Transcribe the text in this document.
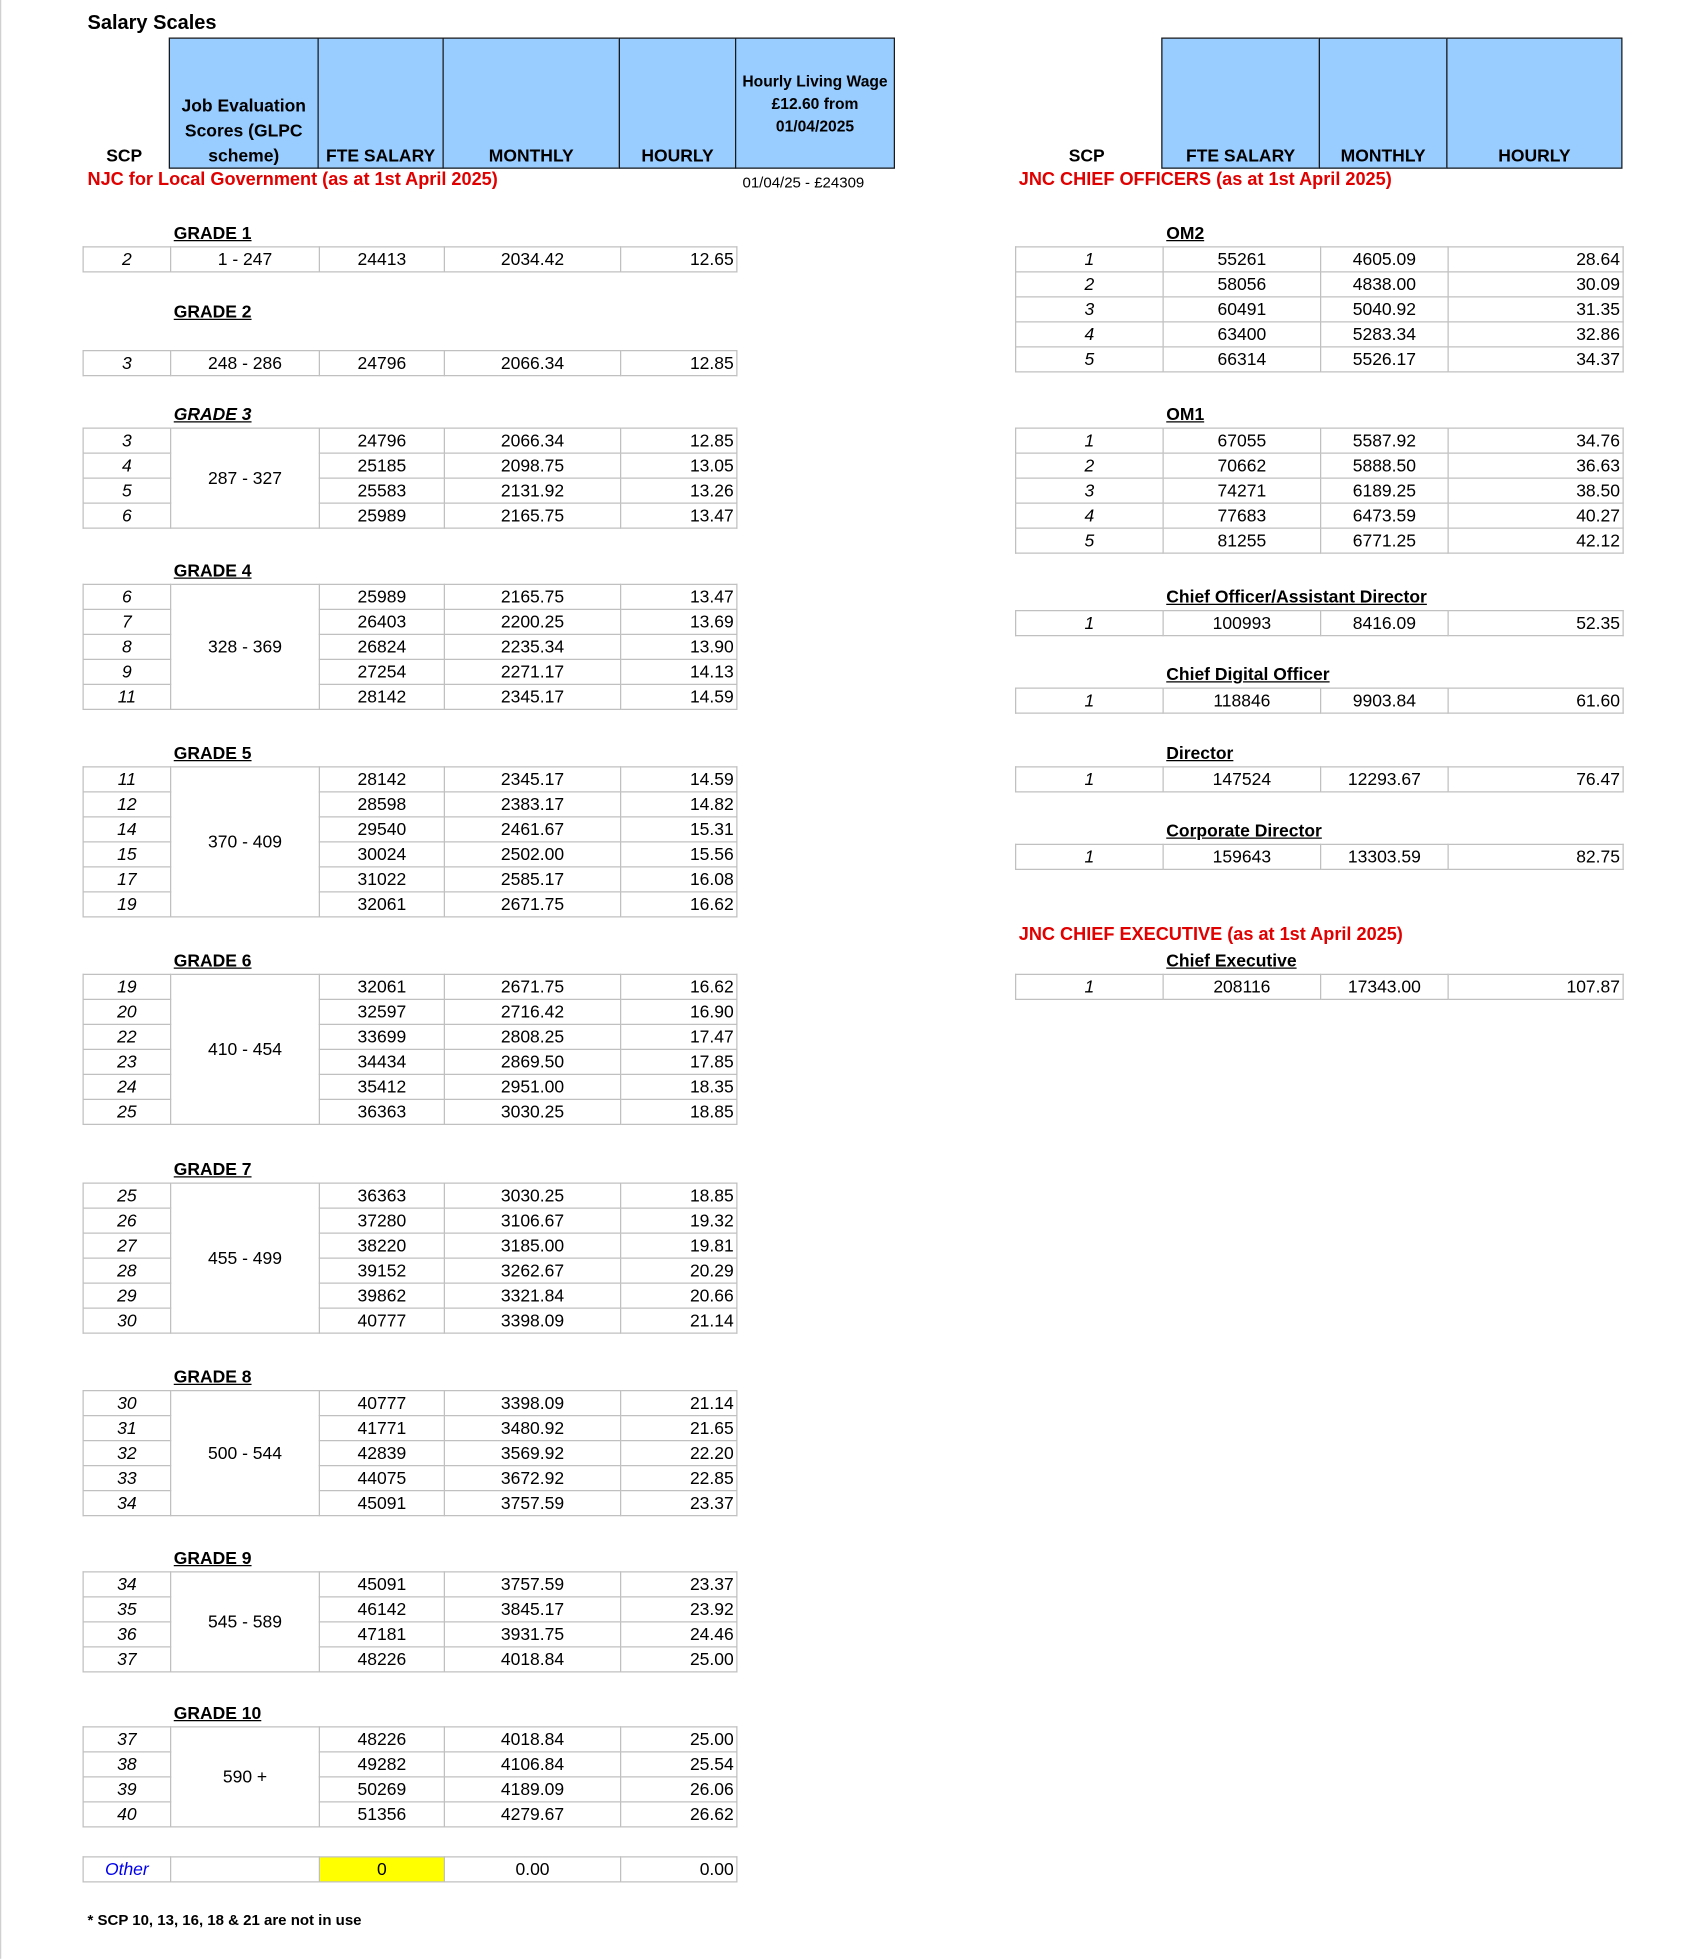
Salary Scales
SCP
Job Evaluation Scores (GLPC scheme)	FTE SALARY	MONTHLY	HOURLY
Hourly Living Wage £12.60 from 01/04/2025
NJC for Local Government (as at 1st April 2025)	01/04/25 - £24309
GRADE 1
2	1 - 247	24413	2034.42	12.65
GRADE 2
3	248 - 286	24796	2066.34	12.85
GRADE 3
3	287 - 327	24796	2066.34	12.85
4		25185	2098.75	13.05
5		25583	2131.92	13.26
6		25989	2165.75	13.47
GRADE 4
6	328 - 369	25989	2165.75	13.47
7		26403	2200.25	13.69
8		26824	2235.34	13.90
9		27254	2271.17	14.13
11		28142	2345.17	14.59
GRADE 5
11	370 - 409	28142	2345.17	14.59
12		28598	2383.17	14.82
14		29540	2461.67	15.31
15		30024	2502.00	15.56
17		31022	2585.17	16.08
19		32061	2671.75	16.62
GRADE 6
19	410 - 454	32061	2671.75	16.62
20		32597	2716.42	16.90
22		33699	2808.25	17.47
23		34434	2869.50	17.85
24		35412	2951.00	18.35
25		36363	3030.25	18.85
GRADE 7
25	455 - 499	36363	3030.25	18.85
26		37280	3106.67	19.32
27		38220	3185.00	19.81
28		39152	3262.67	20.29
29		39862	3321.84	20.66
30		40777	3398.09	21.14
GRADE 8
30	500 - 544	40777	3398.09	21.14
31		41771	3480.92	21.65
32		42839	3569.92	22.20
33		44075	3672.92	22.85
34		45091	3757.59	23.37
GRADE 9
34	545 - 589	45091	3757.59	23.37
35		46142	3845.17	23.92
36		47181	3931.75	24.46
37		48226	4018.84	25.00
GRADE 10
37	590 +	48226	4018.84	25.00
38		49282	4106.84	25.54
39		50269	4189.09	26.06
40		51356	4279.67	26.62
SCP	FTE SALARY	MONTHLY	HOURLY
JNC CHIEF OFFICERS (as at 1st April 2025)
OM2
1	55261	4605.09	28.64
2	58056	4838.00	30.09
3	60491	5040.92	31.35
4	63400	5283.34	32.86
5	66314	5526.17	34.37
OM1
1	67055	5587.92	34.76
2	70662	5888.50	36.63
3	74271	6189.25	38.50
4	77683	6473.59	40.27
5	81255	6771.25	42.12
Chief Officer/Assistant Director
1	100993	8416.09	52.35
Chief Digital Officer
1	118846	9903.84	61.60
Director
1	147524	12293.67	76.47
Corporate Director
1	159643	13303.59	82.75
JNC CHIEF EXECUTIVE (as at 1st April 2025)
Chief Executive
1	208116	17343.00	107.87
Other		0	0.00	0.00
* SCP 10, 13, 16, 18 & 21 are not in use
